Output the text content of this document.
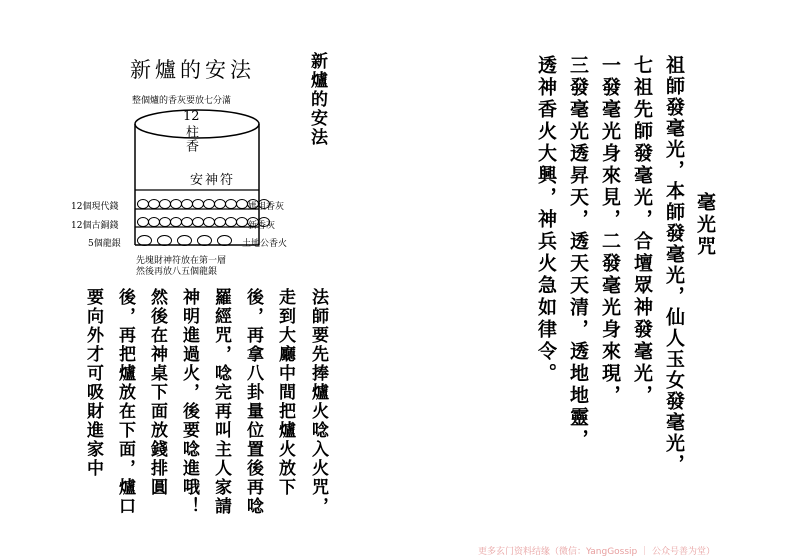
新爐的安法
整個爐的香灰要放七分滿
12
柱香
安神符
12個現代錢
12個古銅錢
5個龍銀
媽祖香灰
新香灰
土地公香火
先塊財神符放在第一層
然後再放八五個龍銀
新爐的安法
法師要先捧爐火唸入火咒，
走到大廳中間把爐火放下
後，再拿八卦量位置後再唸
羅經咒，唸完再叫主人家請
神明進過火，後要唸進哦！
然後在神桌下面放錢排圓
後，再把爐放在下面，爐口
要向外才可吸財進家中
毫光咒
祖師發毫光，本師發毫光，仙人玉女發毫光，
七祖先師發毫光，合壇眾神發毫光，
一發毫光身來見，二發毫光身來現，
三發毫光透昇天，透天天清，透地地靈，
透神香火大興，神兵火急如律令。
更多玄门资料结缘（微信：YangGossip ｜ 公众号善为堂）
